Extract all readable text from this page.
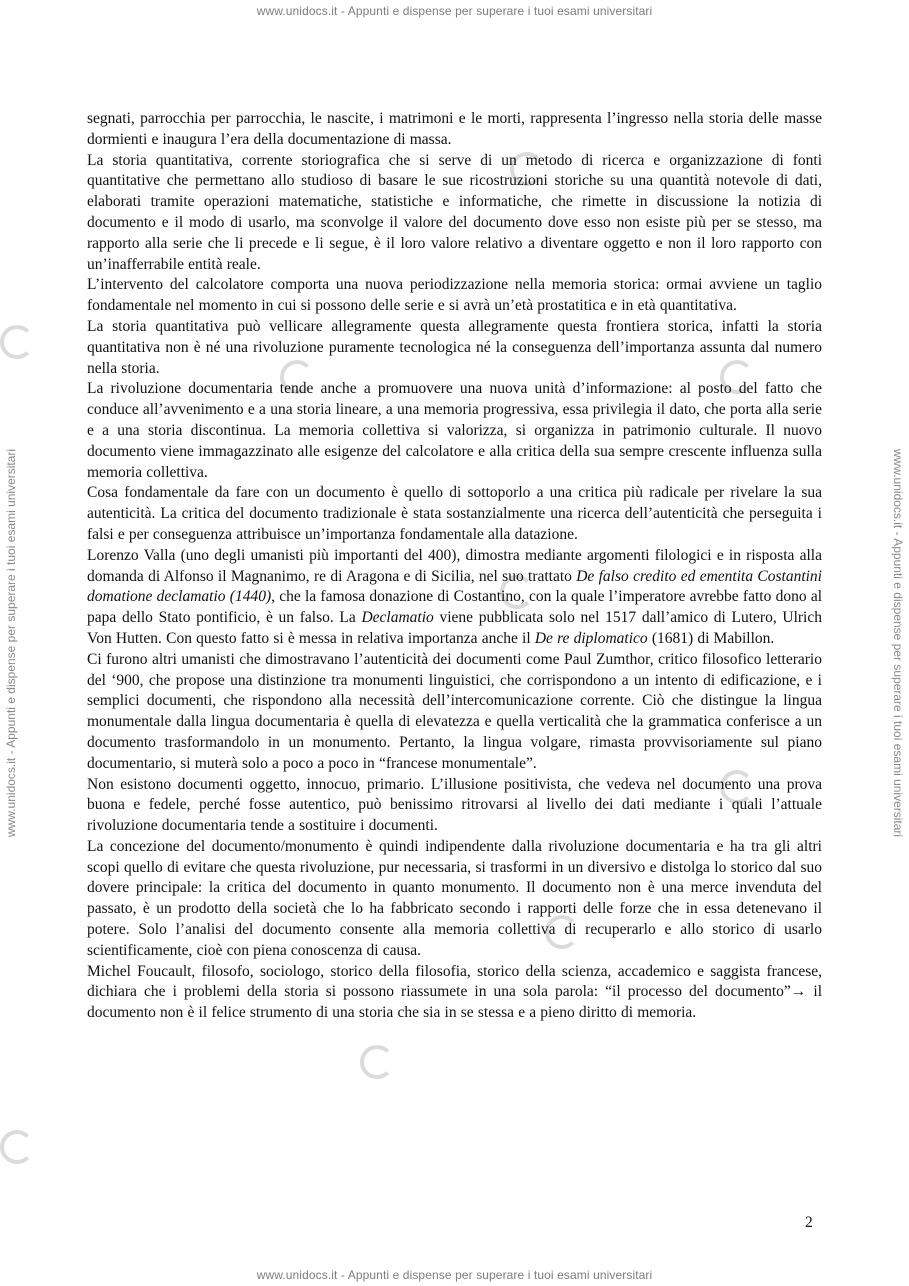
www.unidocs.it - Appunti e dispense per superare i tuoi esami universitari
www.unidocs.it - Appunti e dispense per superare i tuoi esami universitari	www.unidocs.it - Appunti e dispense per superare i tuoi esami universitari

segnati, parrocchia per parrocchia, le nascite, i matrimoni e le morti, rappresenta l’ingresso nella storia delle masse dormienti e inaugura l’era della documentazione di massa.

La storia quantitativa, corrente storiografica che si serve di un metodo di ricerca e organizzazione di fonti quantitative che permettano allo studioso di basare le sue ricostruzioni storiche su una quantità notevole di dati, elaborati tramite operazioni matematiche, statistiche e informatiche, che rimette in discussione la notizia di documento e il modo di usarlo, ma sconvolge il valore del documento dove esso non esiste più per se stesso, ma rapporto alla serie che li precede e li segue, è il loro valore relativo a diventare oggetto e non il loro rapporto con un’inafferrabile entità reale.

L’intervento del calcolatore comporta una nuova periodizzazione nella memoria storica: ormai avviene un taglio fondamentale nel momento in cui si possono delle serie e si avrà un’età prostatitica e in età quantitativa.

La storia quantitativa può vellicare allegramente questa allegramente questa frontiera storica, infatti la storia quantitativa non è né una rivoluzione puramente tecnologica né la conseguenza dell’importanza assunta dal numero nella storia.

La rivoluzione documentaria tende anche a promuovere una nuova unità d’informazione: al posto del fatto che conduce all’avvenimento e a una storia lineare, a una memoria progressiva, essa privilegia il dato, che porta alla serie e a una storia discontinua. La memoria collettiva si valorizza, si organizza in patrimonio culturale. Il nuovo documento viene immagazzinato alle esigenze del calcolatore e alla critica della sua sempre crescente influenza sulla memoria collettiva.

Cosa fondamentale da fare con un documento è quello di sottoporlo a una critica più radicale per rivelare la sua autenticità. La critica del documento tradizionale è stata sostanzialmente una ricerca dell’autenticità che perseguita i falsi e per conseguenza attribuisce un’importanza fondamentale alla datazione.

Lorenzo Valla (uno degli umanisti più importanti del 400), dimostra mediante argomenti filologici e in risposta alla domanda di Alfonso il Magnanimo, re di Aragona e di Sicilia, nel suo trattato De falso credito ed ementita Costantini domatione declamatio (1440), che la famosa donazione di Costantino, con la quale l’imperatore avrebbe fatto dono al papa dello Stato pontificio, è un falso. La Declamatio viene pubblicata solo nel 1517 dall’amico di Lutero, Ulrich Von Hutten. Con questo fatto si è messa in relativa importanza anche il De re diplomatico (1681) di Mabillon.

Ci furono altri umanisti che dimostravano l’autenticità dei documenti come Paul Zumthor, critico filosofico letterario del ‘900, che propose una distinzione tra monumenti linguistici, che corrispondono a un intento di edificazione, e i semplici documenti, che rispondono alla necessità dell’intercomunicazione corrente. Ciò che distingue la lingua monumentale dalla lingua documentaria è quella di elevatezza e quella verticalità che la grammatica conferisce a un documento trasformandolo in un monumento. Pertanto, la lingua volgare, rimasta provvisoriamente sul piano documentario, si muterà solo a poco a poco in “francese monumentale”.

Non esistono documenti oggetto, innocuo, primario. L’illusione positivista, che vedeva nel documento una prova buona e fedele, perché fosse autentico, può benissimo ritrovarsi al livello dei dati mediante i quali l’attuale rivoluzione documentaria tende a sostituire i documenti.

La concezione del documento/monumento è quindi indipendente dalla rivoluzione documentaria e ha tra gli altri scopi quello di evitare che questa rivoluzione, pur necessaria, si trasformi in un diversivo e distolga lo storico dal suo dovere principale: la critica del documento in quanto monumento. Il documento non è una merce invenduta del passato, è un prodotto della società che lo ha fabbricato secondo i rapporti delle forze che in essa detenevano il potere. Solo l’analisi del documento consente alla memoria collettiva di recuperarlo e allo storico di usarlo scientificamente, cioè con piena conoscenza di causa.

Michel Foucault, filosofo, sociologo, storico della filosofia, storico della scienza, accademico e saggista francese, dichiara che i problemi della storia si possono riassumete in una sola parola: “il processo del documento”→ il documento non è il felice strumento di una storia che sia in se stessa e a pieno diritto di memoria.

2
www.unidocs.it - Appunti e dispense per superare i tuoi esami universitari
